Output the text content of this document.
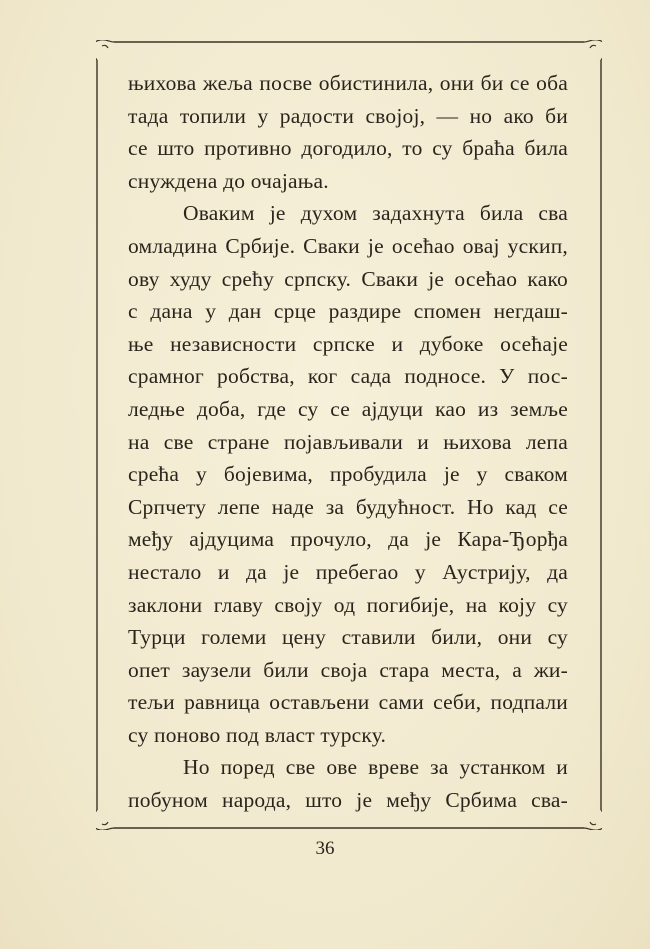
њихова жеља посве обистинила, они би се оба
тада топили у радости својој, — но ако би
се што противно догодило, то су браћа била
снуждена до очајања.
Оваким је духом задахнута била сва
омладина Србије. Сваки је осећао овај ускип,
ову худу срећу српску. Сваки је осећао како
с дана у дан срце раздире спомен негдаш-
ње независности српске и дубоке осећаје
срамног робства, ког сада подносе. У пос-
ледње доба, где су се ајдуци као из земље
на све стране појављивали и њихова лепа
срећа у бојевима, пробудила је у сваком
Српчету лепе наде за будућност. Но кад се
међу ајдуцима прочуло, да је Кара-Ђорђа
нестало и да је пребегао у Аустрију, да
заклони главу своју од погибије, на коју су
Турци големи цену ставили били, они су
опет заузели били своја стара места, а жи-
тељи равница остављени сами себи, подпали
су поново под власт турску.
Но поред све ове вреве за устанком и
побуном народа, што је међу Србима сва-
36
